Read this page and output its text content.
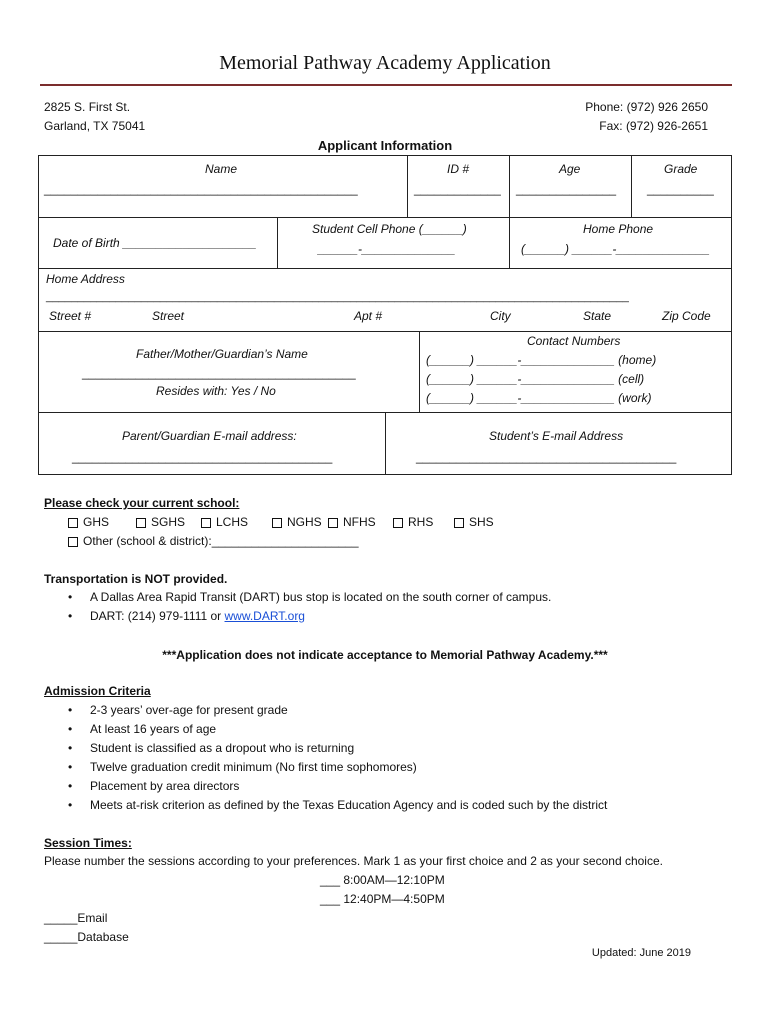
Memorial Pathway Academy Application
2825 S. First St.
Garland, TX 75041
Phone: (972) 926 2650
Fax: (972) 926-2651
Applicant Information
Name
_______________________________________________
ID #
_____________
Age
_______________
Grade
__________
Date of Birth ____________________
Student Cell Phone (______)
______-______________
Home Phone
(______) ______-______________
Home Address
____________________________________________________________________________________________
Street #	Street	Apt #	City	State	Zip Code
Father/Mother/Guardian’s Name
_________________________________________
Resides with: Yes / No
Contact Numbers
(______) ______-______________ (home)
(______) ______-______________ (cell)
(______) ______-______________ (work)
Parent/Guardian E-mail address:
_______________________________________
Student’s E-mail Address
_______________________________________
Please check your current school:
GHS	SGHS	LCHS	NGHS	NFHS	RHS	SHS
Other (school & district):______________________
Transportation is NOT provided.
• A Dallas Area Rapid Transit (DART) bus stop is located on the south corner of campus.
• DART: (214) 979-1111 or www.DART.org
***Application does not indicate acceptance to Memorial Pathway Academy.***
Admission Criteria
• 2-3 years’ over-age for present grade
• At least 16 years of age
• Student is classified as a dropout who is returning
• Twelve graduation credit minimum (No first time sophomores)
• Placement by area directors
• Meets at-risk criterion as defined by the Texas Education Agency and is coded such by the district
Session Times:
Please number the sessions according to your preferences. Mark 1 as your first choice and 2 as your second choice.
___ 8:00AM—12:10PM
___ 12:40PM—4:50PM
_____Email
_____Database
Updated: June 2019
